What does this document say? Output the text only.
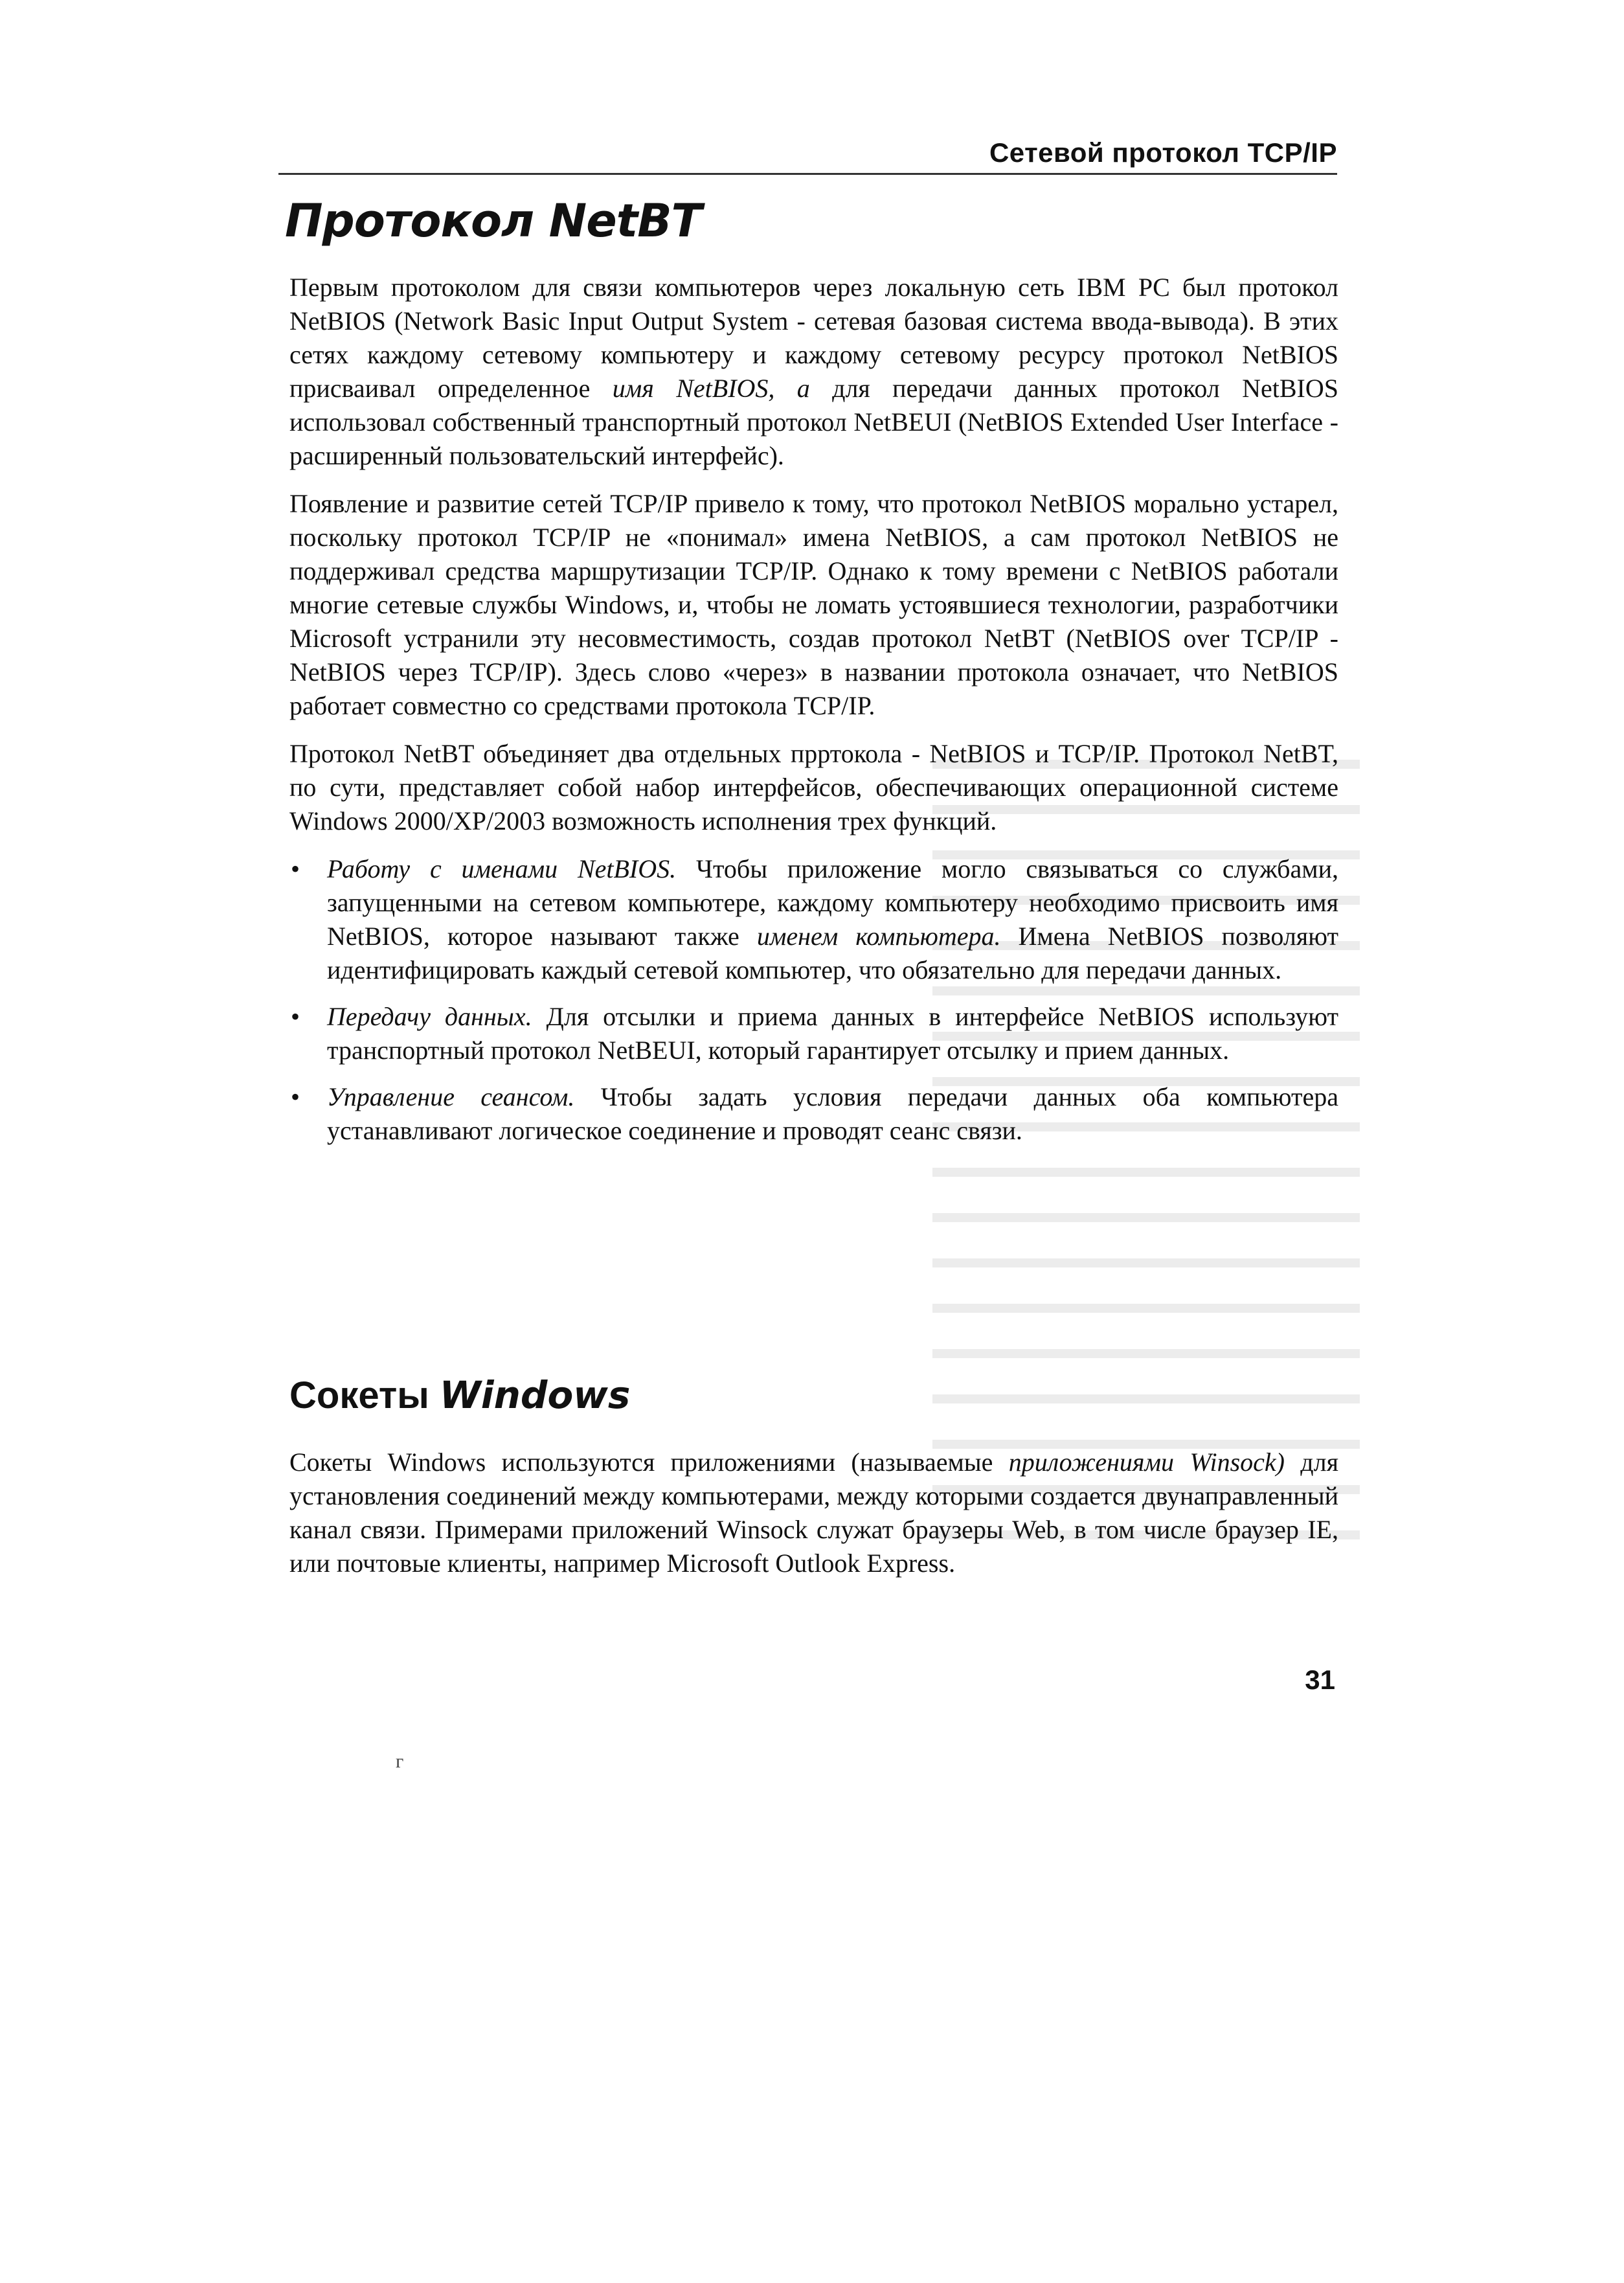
Сетевой протокол TCP/IP
Протокол NetBT

Первым протоколом для связи компьютеров через локальную сеть IBM PC был протокол NetBIOS (Network Basic Input Output System - сетевая базовая система ввода-вывода). В этих сетях каждому сетевому компьютеру и каждому сетевому ресурсу протокол NetBIOS присваивал определенное имя NetBIOS, а для передачи данных протокол NetBIOS использовал собственный транспортный протокол NetBEUI (NetBIOS Extended User Interface - расширенный пользовательский интерфейс).

Появление и развитие сетей TCP/IP привело к тому, что протокол NetBIOS морально устарел, поскольку протокол TCP/IP не «понимал» имена NetBIOS, а сам протокол NetBIOS не поддерживал средства маршрутизации TCP/IP. Однако к тому времени с NetBIOS работали многие сетевые службы Windows, и, чтобы не ломать устоявшиеся технологии, разработчики Microsoft устранили эту несовместимость, создав протокол NetBT (NetBIOS over TCP/IP - NetBIOS через TCP/IP). Здесь слово «через» в названии протокола означает, что NetBIOS работает совместно со средствами протокола TCP/IP.

Протокол NetBT объединяет два отдельных прртокола - NetBIOS и TCP/IP. Протокол NetBT, по сути, представляет собой набор интерфейсов, обеспечивающих операционной системе Windows 2000/XP/2003 возможность исполнения трех функций.

• Работу с именами NetBIOS. Чтобы приложение могло связываться со службами, запущенными на сетевом компьютере, каждому компьютеру необходимо присвоить имя NetBIOS, которое называют также именем компьютера. Имена NetBIOS позволяют идентифицировать каждый сетевой компьютер, что обязательно для передачи данных.
• Передачу данных. Для отсылки и приема данных в интерфейсе NetBIOS используют транспортный протокол NetBEUI, который гарантирует отсылку и прием данных.
• Управление сеансом. Чтобы задать условия передачи данных оба компьютера устанавливают логическое соединение и проводят сеанс связи.
Сокеты Windows

Сокеты Windows используются приложениями (называемые приложениями Winsock) для установления соединений между компьютерами, между которыми создается двунаправленный канал связи. Примерами приложений Winsock служат браузеры Web, в том числе браузер IE, или почтовые клиенты, например Microsoft Outlook Express.

31
г
